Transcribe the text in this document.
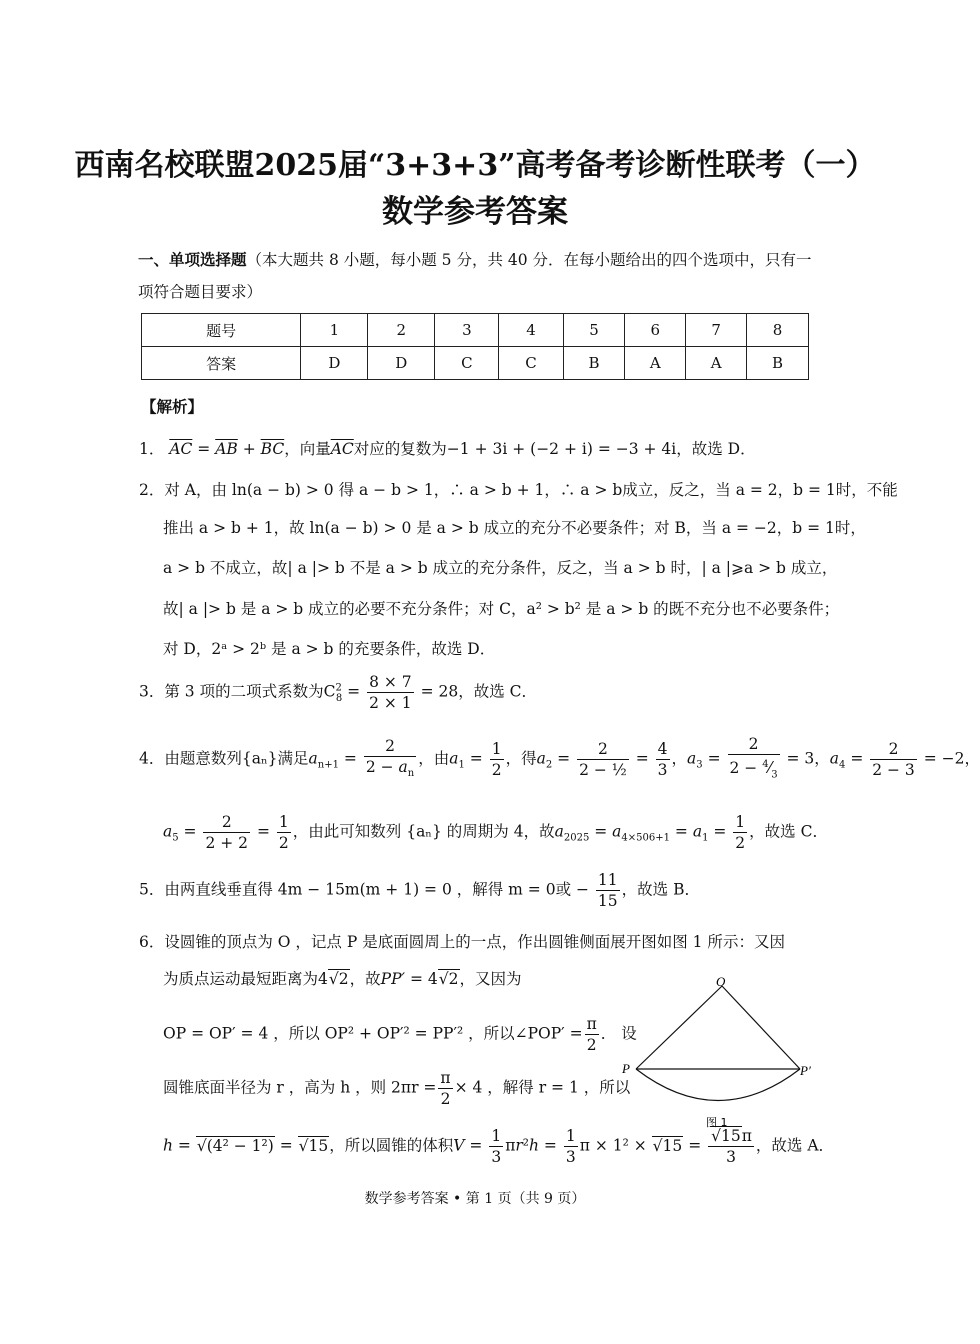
西南名校联盟2025届“3+3+3”高考备考诊断性联考（一）
数学参考答案
一、单项选择题（本大题共 8 小题，每小题 5 分，共 40 分．在每小题给出的四个选项中，只有一项符合题目要求）
题号	1	2	3	4	5	6	7	8
答案	D	D	C	C	B	A	A	B
【解析】
1． $\overline{AC} = \overline{AB} + \overline{BC}$，向量$\overline{AC}$对应的复数为−1 + 3i + (−2 + i) = −3 + 4i，故选 D．
2．对 A，由 ln(a − b) > 0 得 a − b > 1，∴ a > b + 1，∴ a > b成立，反之，当 a = 2，b = 1时，不能
推出 a > b + 1，故 ln(a − b) > 0 是 a > b 成立的充分不必要条件；对 B，当 a = −2，b = 1时，
a > b 不成立，故| a |> b 不是 a > b 成立的充分条件，反之，当 a > b 时，| a |⩾a > b 成立，
故| a |> b 是 a > b 成立的必要不充分条件；对 C，a² > b² 是 a > b 的既不充分也不必要条件；
对 D，2ᵃ > 2ᵇ 是 a > b 的充要条件，故选 D．
3．第 3 项的二项式系数为$C^2_8 = \frac{8 \times 7}{2 \times 1} = 28$，故选 C．
4．由题意数列{aₙ}满足$a_{n+1} = \frac{2}{2 - a_n}$ ，由$a_1 = \frac{1}{2}$ ，得$a_2 = \frac{2}{\text{2 − ½}} = \frac{4}{3}$ ，$a_3 = \frac{2}{2 - ^4⁄_3} = 3$，$a_4 = \frac{2}{2 - 3} = -2$，
$a_5 = \frac{2}{2 + 2} = \frac{1}{2}$ ，由此可知数列 {aₙ} 的周期为 4，故$a_{2025} = a_{4\times 506+1} = a_1 = \frac{1}{2}$ ，故选 C．
5．由两直线垂直得 4m − 15m(m + 1) = 0 ，解得 m = 0或 − $\frac{11}{15}$ ，故选 B．
6．设圆锥的顶点为 O ，记点 P 是底面圆周上的一点，作出圆锥侧面展开图如图 1 所示：又因
为质点运动最短距离为4√2，故PP′ = 4√2，又因为
OP = OP′ = 4 ，所以 OP² + OP′² = PP′² ，所以∠POP′ = $\frac{\pi}{2}$ ． 设
圆锥底面半径为 r ，高为 h ，则 $2\pi r = \frac{\pi}{2} \times 4$ ，解得 r = 1 ，所以
h = √(4² − 1²) = √15，所以圆锥的体积$V = \frac{1}{3} \pi r^2h = \frac{1}{3}$ $\pi \times 1^2 \times √15 = \frac{√15\pi}{3}$ ，故选 A．
O
P	P′
图 1
数学参考答案 • 第 1 页（共 9 页）
